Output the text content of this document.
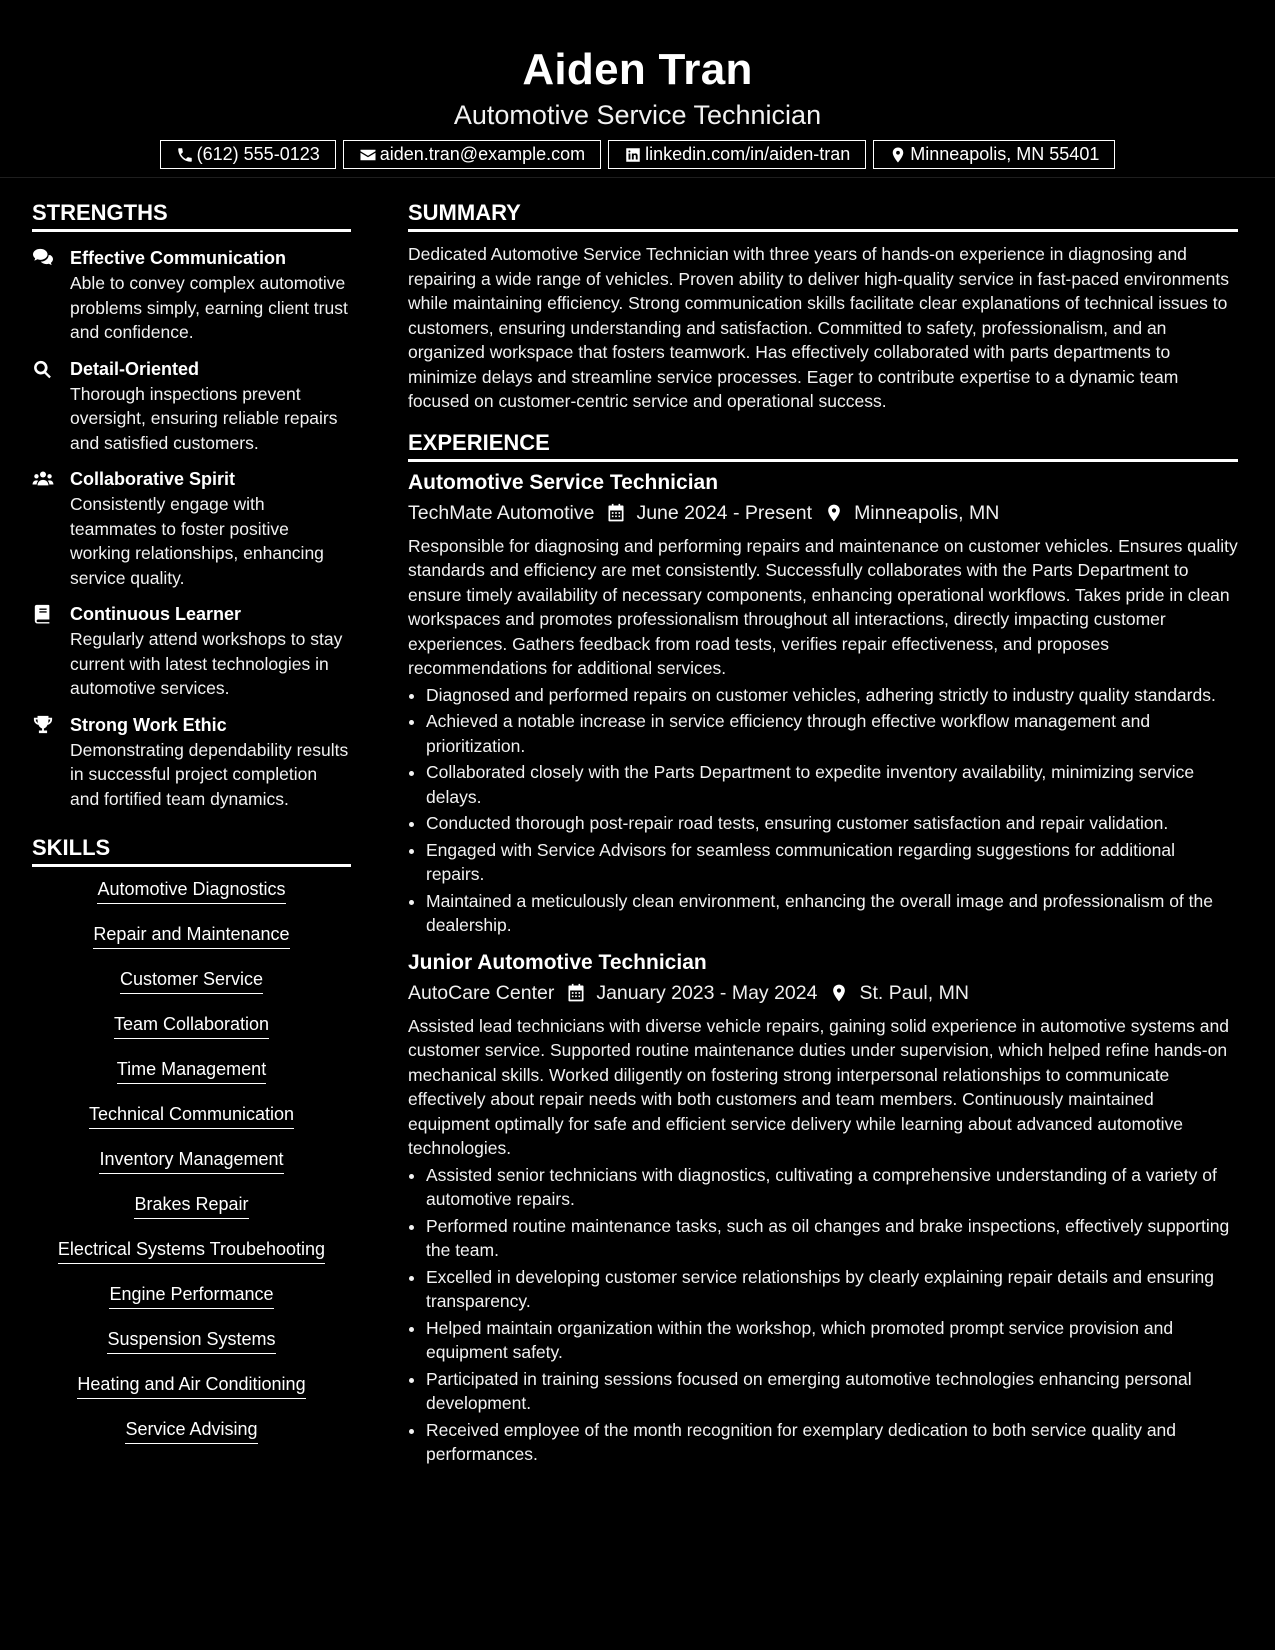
Aiden Tran
Automotive Service Technician
(612) 555-0123	aiden.tran@example.com	linkedin.com/in/aiden-tran	Minneapolis, MN 55401
STRENGTHS
Effective Communication
Able to convey complex automotive problems simply, earning client trust and confidence.
Detail-Oriented
Thorough inspections prevent oversight, ensuring reliable repairs and satisfied customers.
Collaborative Spirit
Consistently engage with teammates to foster positive working relationships, enhancing service quality.
Continuous Learner
Regularly attend workshops to stay current with latest technologies in automotive services.
Strong Work Ethic
Demonstrating dependability results in successful project completion and fortified team dynamics.
SKILLS
Automotive Diagnostics
Repair and Maintenance
Customer Service
Team Collaboration
Time Management
Technical Communication
Inventory Management
Brakes Repair
Electrical Systems Troubehooting
Engine Performance
Suspension Systems
Heating and Air Conditioning
Service Advising
SUMMARY

Dedicated Automotive Service Technician with three years of hands-on experience in diagnosing and repairing a wide range of vehicles. Proven ability to deliver high-quality service in fast-paced environments while maintaining efficiency. Strong communication skills facilitate clear explanations of technical issues to customers, ensuring understanding and satisfaction. Committed to safety, professionalism, and an organized workspace that fosters teamwork. Has effectively collaborated with parts departments to minimize delays and streamline service processes. Eager to contribute expertise to a dynamic team focused on customer-centric service and operational success.

EXPERIENCE
Automotive Service Technician
TechMate Automotive June 2024 - Present Minneapolis, MN
Responsible for diagnosing and performing repairs and maintenance on customer vehicles. Ensures quality standards and efficiency are met consistently. Successfully collaborates with the Parts Department to ensure timely availability of necessary components, enhancing operational workflows. Takes pride in clean workspaces and promotes professionalism throughout all interactions, directly impacting customer experiences. Gathers feedback from road tests, verifies repair effectiveness, and proposes recommendations for additional services.
• Diagnosed and performed repairs on customer vehicles, adhering strictly to industry quality standards.
• Achieved a notable increase in service efficiency through effective workflow management and prioritization.
• Collaborated closely with the Parts Department to expedite inventory availability, minimizing service delays.
• Conducted thorough post-repair road tests, ensuring customer satisfaction and repair validation.
• Engaged with Service Advisors for seamless communication regarding suggestions for additional repairs.
• Maintained a meticulously clean environment, enhancing the overall image and professionalism of the dealership.
Junior Automotive Technician
AutoCare Center January 2023 - May 2024 St. Paul, MN
Assisted lead technicians with diverse vehicle repairs, gaining solid experience in automotive systems and customer service. Supported routine maintenance duties under supervision, which helped refine hands-on mechanical skills. Worked diligently on fostering strong interpersonal relationships to communicate effectively about repair needs with both customers and team members. Continuously maintained equipment optimally for safe and efficient service delivery while learning about advanced automotive technologies.
• Assisted senior technicians with diagnostics, cultivating a comprehensive understanding of a variety of automotive repairs.
• Performed routine maintenance tasks, such as oil changes and brake inspections, effectively supporting the team.
• Excelled in developing customer service relationships by clearly explaining repair details and ensuring transparency.
• Helped maintain organization within the workshop, which promoted prompt service provision and equipment safety.
• Participated in training sessions focused on emerging automotive technologies enhancing personal development.
• Received employee of the month recognition for exemplary dedication to both service quality and performances.
